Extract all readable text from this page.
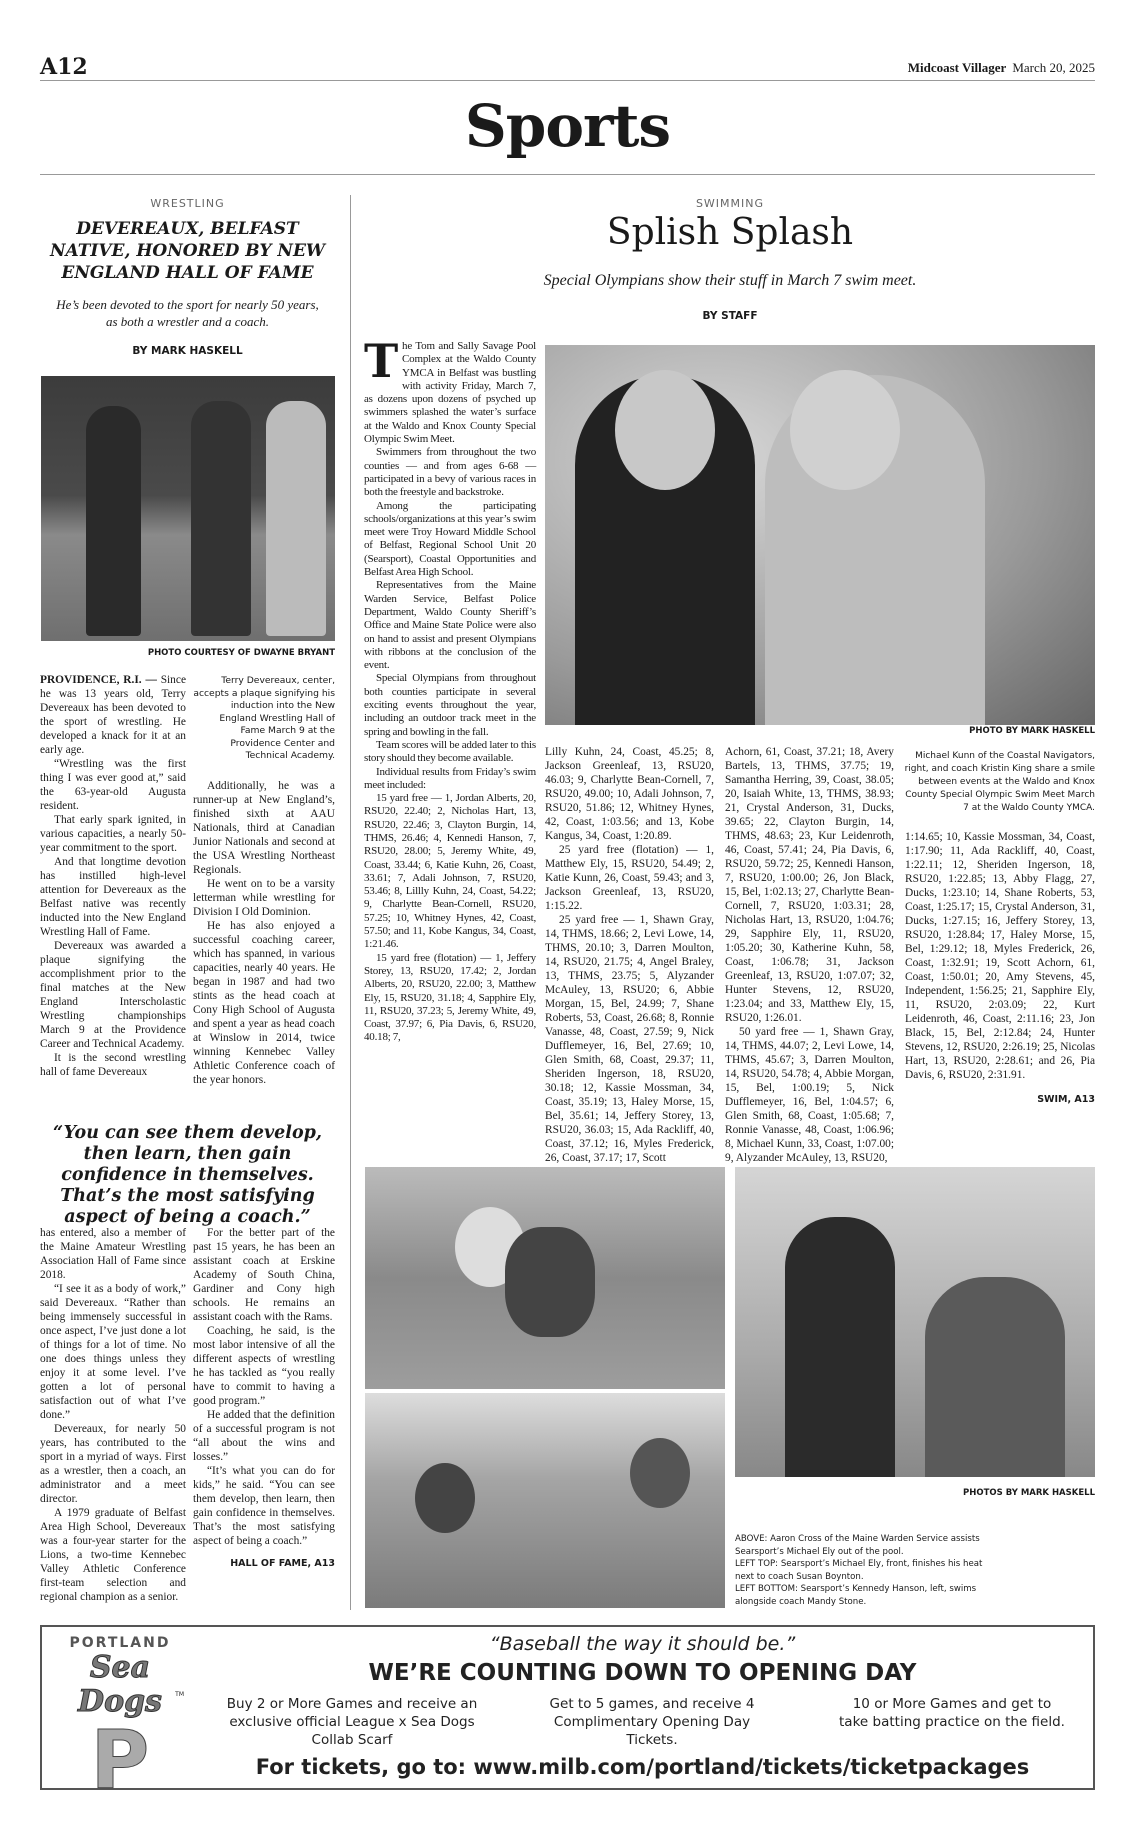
A12	Midcoast Villager March 20, 2025
Sports
WRESTLING
DEVEREAUX, BELFAST NATIVE, HONORED BY NEW ENGLAND HALL OF FAME
He’s been devoted to the sport for nearly 50 years, as both a wrestler and a coach.
BY MARK HASKELL
PHOTO COURTESY OF DWAYNE BRYANT

PROVIDENCE, R.I. — Since he was 13 years old, Terry Devereaux has been devoted to the sport of wrestling. He developed a knack for it at an early age.

“Wrestling was the first thing I was ever good at,” said the 63-year-old Augusta resident.

That early spark ignited, in various capacities, a nearly 50-year commitment to the sport.

And that longtime devotion has instilled high-level attention for Devereaux as the Belfast native was recently inducted into the New England Wrestling Hall of Fame.

Devereaux was awarded a plaque signifying the accomplishment prior to the final matches at the New England Interscholastic Wrestling championships March 9 at the Providence Career and Technical Academy.

It is the second wrestling hall of fame Devereaux

Terry Devereaux, center, accepts a plaque signifying his induction into the New England Wrestling Hall of Fame March 9 at the Providence Center and Technical Academy.

Additionally, he was a runner-up at New England’s, finished sixth at AAU Nationals, third at Canadian Junior Nationals and second at the USA Wrestling Northeast Regionals.

He went on to be a varsity letterman while wrestling for Division I Old Dominion.

He has also enjoyed a successful coaching career, which has spanned, in various capacities, nearly 40 years. He began in 1987 and had two stints as the head coach at Cony High School of Augusta and spent a year as head coach at Winslow in 2014, twice winning Kennebec Valley Athletic Conference coach of the year honors.

“You can see them develop, then learn, then gain confidence in themselves. That’s the most satisfying aspect of being a coach.”

has entered, also a member of the Maine Amateur Wrestling Association Hall of Fame since 2018.

“I see it as a body of work,” said Devereaux. “Rather than being immensely successful in once aspect, I’ve just done a lot of things for a lot of time. No one does things unless they enjoy it at some level. I’ve gotten a lot of personal satisfaction out of what I’ve done.”

Devereaux, for nearly 50 years, has contributed to the sport in a myriad of ways. First as a wrestler, then a coach, an administrator and a meet director.

A 1979 graduate of Belfast Area High School, Devereaux was a four-year starter for the Lions, a two-time Kennebec Valley Athletic Conference first-team selection and regional champion as a senior.

For the better part of the past 15 years, he has been an assistant coach at Erskine Academy of South China, Gardiner and Cony high schools. He remains an assistant coach with the Rams.

Coaching, he said, is the most labor intensive of all the different aspects of wrestling he has tackled as “you really have to commit to having a good program.”

He added that the definition of a successful program is not “all about the wins and losses.”

“It’s what you can do for kids,” he said. “You can see them develop, then learn, then gain confidence in themselves. That’s the most satisfying aspect of being a coach.”

HALL OF FAME, A13
SWIMMING
Splish Splash
Special Olympians show their stuff in March 7 swim meet.
BY STAFF

The Tom and Sally Savage Pool Complex at the Waldo County YMCA in Belfast was bustling with activity Friday, March 7, as dozens upon dozens of psyched up swimmers splashed the water’s surface at the Waldo and Knox County Special Olympic Swim Meet.

Swimmers from throughout the two counties — and from ages 6-68 — participated in a bevy of various races in both the freestyle and backstroke.

Among the participating schools/organizations at this year’s swim meet were Troy Howard Middle School of Belfast, Regional School Unit 20 (Searsport), Coastal Opportunities and Belfast Area High School.

Representatives from the Maine Warden Service, Belfast Police Department, Waldo County Sheriff’s Office and Maine State Police were also on hand to assist and present Olympians with ribbons at the conclusion of the event.

Special Olympians from throughout both counties participate in several exciting events throughout the year, including an outdoor track meet in the spring and bowling in the fall.

Team scores will be added later to this story should they become available.

Individual results from Friday’s swim meet included:

15 yard free — 1, Jordan Alberts, 20, RSU20, 22.40; 2, Nicholas Hart, 13, RSU20, 22.46; 3, Clayton Burgin, 14, THMS, 26.46; 4, Kennedi Hanson, 7, RSU20, 28.00; 5, Jeremy White, 49, Coast, 33.44; 6, Katie Kuhn, 26, Coast, 33.61; 7, Adali Johnson, 7, RSU20, 53.46; 8, Lillly Kuhn, 24, Coast, 54.22; 9, Charlytte Bean-Cornell, RSU20, 57.25; 10, Whitney Hynes, 42, Coast, 57.50; and 11, Kobe Kangus, 34, Coast, 1:21.46.

15 yard free (flotation) — 1, Jeffery Storey, 13, RSU20, 17.42; 2, Jordan Alberts, 20, RSU20, 22.00; 3, Matthew Ely, 15, RSU20, 31.18; 4, Sapphire Ely, 11, RSU20, 37.23; 5, Jeremy White, 49, Coast, 37.97; 6, Pia Davis, 6, RSU20, 40.18; 7,

PHOTO BY MARK HASKELL
Michael Kunn of the Coastal Navigators, right, and coach Kristin King share a smile between events at the Waldo and Knox County Special Olympic Swim Meet March 7 at the Waldo County YMCA.

Lilly Kuhn, 24, Coast, 45.25; 8, Jackson Greenleaf, 13, RSU20, 46.03; 9, Charlytte Bean-Cornell, 7, RSU20, 49.00; 10, Adali Johnson, 7, RSU20, 51.86; 12, Whitney Hynes, 42, Coast, 1:03.56; and 13, Kobe Kangus, 34, Coast, 1:20.89.

25 yard free (flotation) — 1, Matthew Ely, 15, RSU20, 54.49; 2, Katie Kunn, 26, Coast, 59.43; and 3, Jackson Greenleaf, 13, RSU20, 1:15.22.

25 yard free — 1, Shawn Gray, 14, THMS, 18.66; 2, Levi Lowe, 14, THMS, 20.10; 3, Darren Moulton, 14, RSU20, 21.75; 4, Angel Braley, 13, THMS, 23.75; 5, Alyzander McAuley, 13, RSU20; 6, Abbie Morgan, 15, Bel, 24.99; 7, Shane Roberts, 53, Coast, 26.68; 8, Ronnie Vanasse, 48, Coast, 27.59; 9, Nick Dufflemeyer, 16, Bel, 27.69; 10, Glen Smith, 68, Coast, 29.37; 11, Sheriden Ingerson, 18, RSU20, 30.18; 12, Kassie Mossman, 34, Coast, 35.19; 13, Haley Morse, 15, Bel, 35.61; 14, Jeffery Storey, 13, RSU20, 36.03; 15, Ada Rackliff, 40, Coast, 37.12; 16, Myles Frederick, 26, Coast, 37.17; 17, Scott

Achorn, 61, Coast, 37.21; 18, Avery Bartels, 13, THMS, 37.75; 19, Samantha Herring, 39, Coast, 38.05; 20, Isaiah White, 13, THMS, 38.93; 21, Crystal Anderson, 31, Ducks, 39.65; 22, Clayton Burgin, 14, THMS, 48.63; 23, Kur Leidenroth, 46, Coast, 57.41; 24, Pia Davis, 6, RSU20, 59.72; 25, Kennedi Hanson, 7, RSU20, 1:00.00; 26, Jon Black, 15, Bel, 1:02.13; 27, Charlytte Bean-Cornell, 7, RSU20, 1:03.31; 28, Nicholas Hart, 13, RSU20, 1:04.76; 29, Sapphire Ely, 11, RSU20, 1:05.20; 30, Katherine Kuhn, 58, Coast, 1:06.78; 31, Jackson Greenleaf, 13, RSU20, 1:07.07; 32, Hunter Stevens, 12, RSU20, 1:23.04; and 33, Matthew Ely, 15, RSU20, 1:26.01.

50 yard free — 1, Shawn Gray, 14, THMS, 44.07; 2, Levi Lowe, 14, THMS, 45.67; 3, Darren Moulton, 14, RSU20, 54.78; 4, Abbie Morgan, 15, Bel, 1:00.19; 5, Nick Dufflemeyer, 16, Bel, 1:04.57; 6, Glen Smith, 68, Coast, 1:05.68; 7, Ronnie Vanasse, 48, Coast, 1:06.96; 8, Michael Kunn, 33, Coast, 1:07.00; 9, Alyzander McAuley, 13, RSU20,

1:14.65; 10, Kassie Mossman, 34, Coast, 1:17.90; 11, Ada Rackliff, 40, Coast, 1:22.11; 12, Sheriden Ingerson, 18, RSU20, 1:22.85; 13, Abby Flagg, 27, Ducks, 1:23.10; 14, Shane Roberts, 53, Coast, 1:25.17; 15, Crystal Anderson, 31, Ducks, 1:27.15; 16, Jeffery Storey, 13, RSU20, 1:28.84; 17, Haley Morse, 15, Bel, 1:29.12; 18, Myles Frederick, 26, Coast, 1:32.91; 19, Scott Achorn, 61, Coast, 1:50.01; 20, Amy Stevens, 45, Independent, 1:56.25; 21, Sapphire Ely, 11, RSU20, 2:03.09; 22, Kurt Leidenroth, 46, Coast, 2:11.16; 23, Jon Black, 15, Bel, 2:12.84; 24, Hunter Stevens, 12, RSU20, 2:26.19; 25, Nicolas Hart, 13, RSU20, 2:28.61; and 26, Pia Davis, 6, RSU20, 2:31.91.

SWIM, A13
PHOTOS BY MARK HASKELL
ABOVE: Aaron Cross of the Maine Warden Service assists Searsport’s Michael Ely out of the pool.
LEFT TOP: Searsport’s Michael Ely, front, finishes his heat next to coach Susan Boynton.
LEFT BOTTOM: Searsport’s Kennedy Hanson, left, swims alongside coach Mandy Stone.
PORTLAND
Sea Dogs
P
TM
“Baseball the way it should be.”
WE’RE COUNTING DOWN TO OPENING DAY
Buy 2 or More Games and receive an exclusive official League x Sea Dogs Collab Scarf
Get to 5 games, and receive 4 Complimentary Opening Day Tickets.
10 or More Games and get to take batting practice on the field.
For tickets, go to: www.milb.com/portland/tickets/ticketpackages
